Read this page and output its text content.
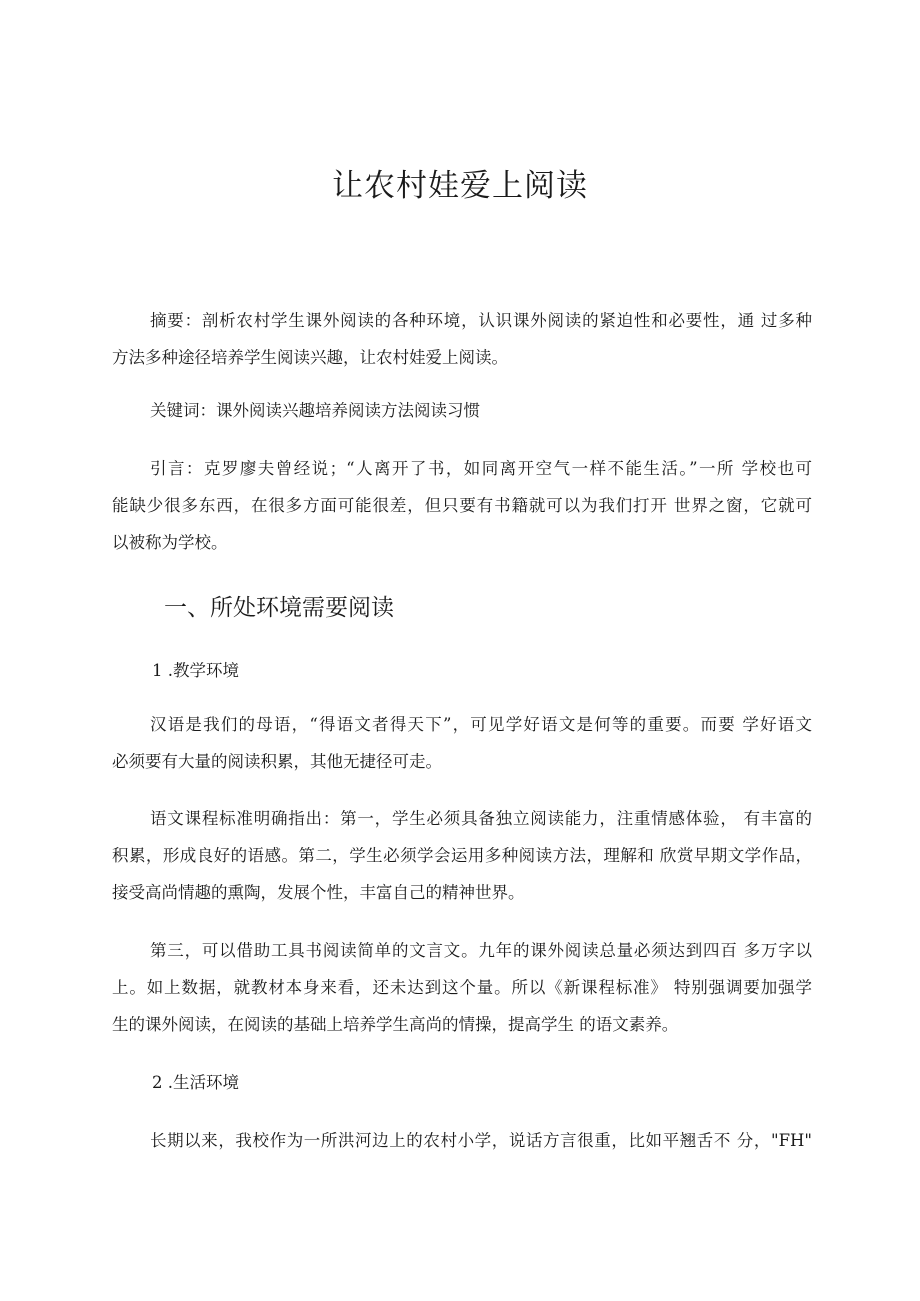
让农村娃爱上阅读
摘要：剖析农村学生课外阅读的各种环境，认识课外阅读的紧迫性和必要性，通 过多种
方法多种途径培养学生阅读兴趣，让农村娃爱上阅读。
关键词：课外阅读兴趣培养阅读方法阅读习惯
引言：克罗廖夫曾经说；“人离开了书，如同离开空气一样不能生活。”一所 学校也可
能缺少很多东西，在很多方面可能很差，但只要有书籍就可以为我们打开 世界之窗，它就可
以被称为学校。
一、所处环境需要阅读
1 .教学环境
汉语是我们的母语，“得语文者得天下”，可见学好语文是何等的重要。而要 学好语文
必须要有大量的阅读积累，其他无捷径可走。
语文课程标准明确指出：第一，学生必须具备独立阅读能力，注重情感体验， 有丰富的
积累，形成良好的语感。第二，学生必须学会运用多种阅读方法，理解和 欣赏早期文学作品，
接受高尚情趣的熏陶，发展个性，丰富自己的精神世界。
第三，可以借助工具书阅读简单的文言文。九年的课外阅读总量必须达到四百 多万字以
上。如上数据，就教材本身来看，还未达到这个量。所以《新课程标准》 特别强调要加强学
生的课外阅读，在阅读的基础上培养学生高尚的情操，提高学生 的语文素养。
2 .生活环境
长期以来，我校作为一所洪河边上的农村小学，说话方言很重，比如平翘舌不 分，"FH"
